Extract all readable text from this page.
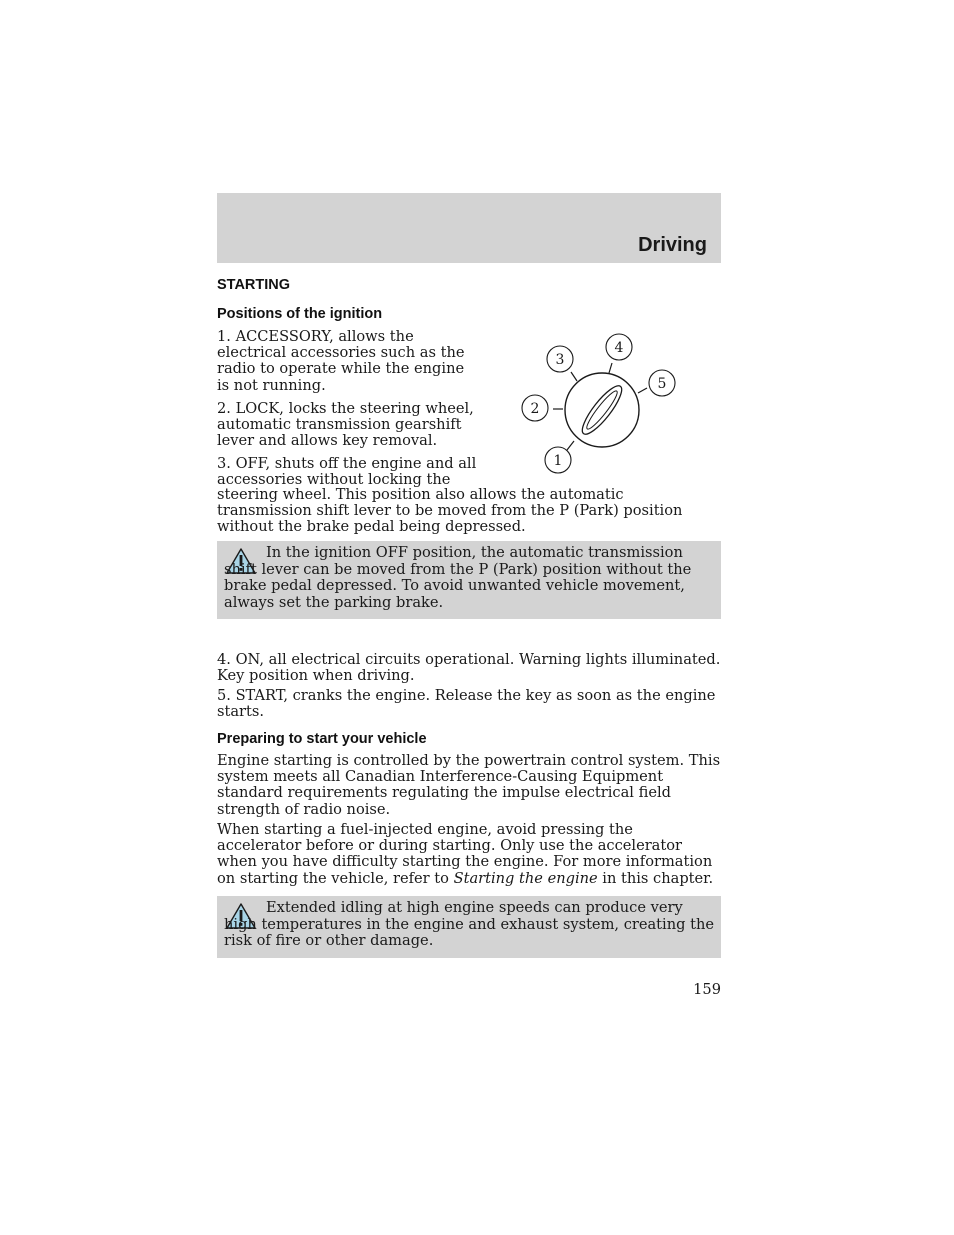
Driving
STARTING
Positions of the ignition
1. ACCESSORY, allows the electrical accessories such as the radio to operate while the engine is not running.
2. LOCK, locks the steering wheel, automatic transmission gearshift lever and allows key removal.
3. OFF, shuts off the engine and all accessories without locking the
steering wheel. This position also allows the automatic transmission shift lever to be moved from the P (Park) position without the brake pedal being depressed.
1
2
3
4
5
In the ignition OFF position, the automatic transmission shift lever can be moved from the P (Park) position without the brake pedal depressed. To avoid unwanted vehicle movement, always set the parking brake.
4. ON, all electrical circuits operational. Warning lights illuminated. Key position when driving.
5. START, cranks the engine. Release the key as soon as the engine starts.
Preparing to start your vehicle
Engine starting is controlled by the powertrain control system. This system meets all Canadian Interference-Causing Equipment standard requirements regulating the impulse electrical field strength of radio noise.
When starting a fuel-injected engine, avoid pressing the accelerator before or during starting. Only use the accelerator when you have difficulty starting the engine. For more information on starting the vehicle, refer to Starting the engine in this chapter.
Extended idling at high engine speeds can produce very high temperatures in the engine and exhaust system, creating the risk of fire or other damage.
159
